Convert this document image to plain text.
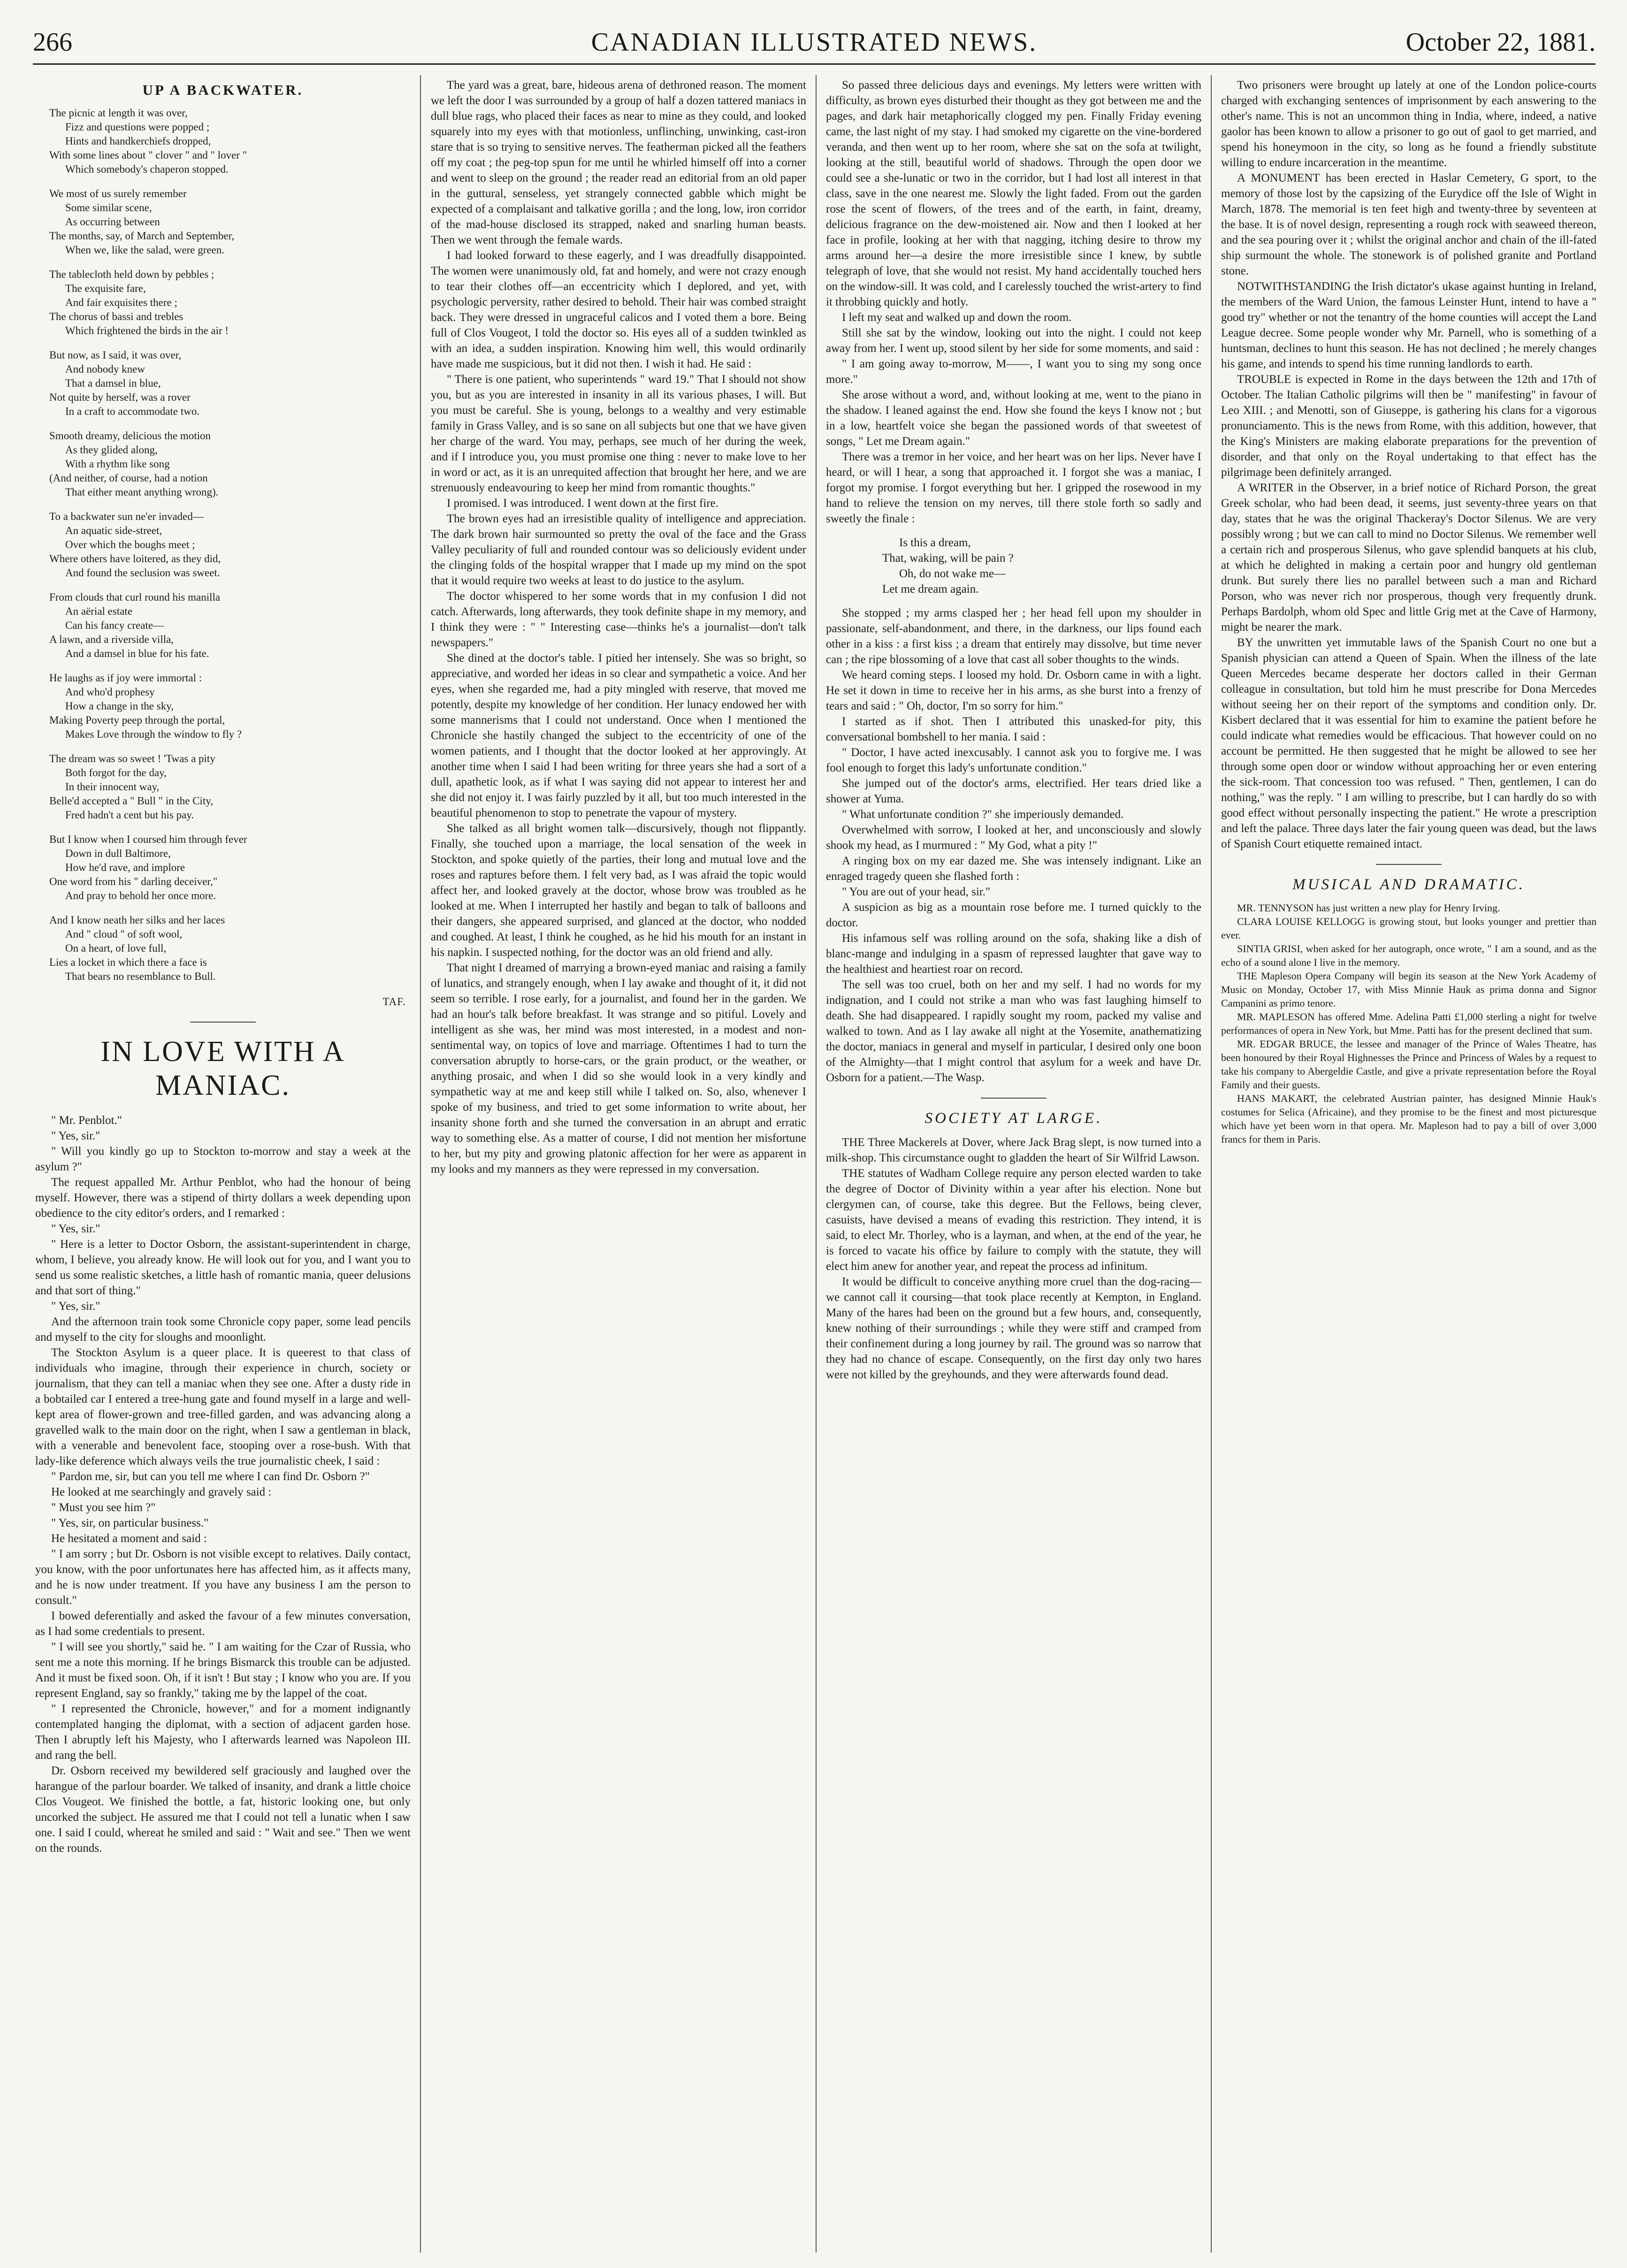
266	CANADIAN ILLUSTRATED NEWS.	October 22, 1881.
UP A BACKWATER.
The picnic at length it was over,
Fizz and questions were popped ;
Hints and handkerchiefs dropped,
With some lines about " clover " and " lover "
Which somebody's chaperon stopped.
We most of us surely remember
Some similar scene,
As occurring between
The months, say, of March and September,
When we, like the salad, were green.
The tablecloth held down by pebbles ;
The exquisite fare,
And fair exquisites there ;
The chorus of bassi and trebles
Which frightened the birds in the air !
But now, as I said, it was over,
And nobody knew
That a damsel in blue,
Not quite by herself, was a rover
In a craft to accommodate two.
Smooth dreamy, delicious the motion
As they glided along,
With a rhythm like song
(And neither, of course, had a notion
That either meant anything wrong).
To a backwater sun ne'er invaded—
An aquatic side-street,
Over which the boughs meet ;
Where others have loitered, as they did,
And found the seclusion was sweet.
From clouds that curl round his manilla
An aërial estate
Can his fancy create—
A lawn, and a riverside villa,
And a damsel in blue for his fate.
He laughs as if joy were immortal :
And who'd prophesy
How a change in the sky,
Making Poverty peep through the portal,
Makes Love through the window to fly ?
The dream was so sweet ! 'Twas a pity
Both forgot for the day,
In their innocent way,
Belle'd accepted a " Bull " in the City,
Fred hadn't a cent but his pay.
But I know when I coursed him through fever
Down in dull Baltimore,
How he'd rave, and implore
One word from his " darling deceiver,"
And pray to behold her once more.
And I know neath her silks and her laces
And " cloud " of soft wool,
On a heart, of love full,
Lies a locket in which there a face is
That bears no resemblance to Bull.
TAF.
IN LOVE WITH A MANIAC.

" Mr. Penblot."

" Yes, sir."

" Will you kindly go up to Stockton to-morrow and stay a week at the asylum ?"

The request appalled Mr. Arthur Penblot, who had the honour of being myself. However, there was a stipend of thirty dollars a week depending upon obedience to the city editor's orders, and I remarked :

" Yes, sir."

" Here is a letter to Doctor Osborn, the assistant-superintendent in charge, whom, I believe, you already know. He will look out for you, and I want you to send us some realistic sketches, a little hash of romantic mania, queer delusions and that sort of thing."

" Yes, sir."

And the afternoon train took some Chronicle copy paper, some lead pencils and myself to the city for sloughs and moonlight.

The Stockton Asylum is a queer place. It is queerest to that class of individuals who imagine, through their experience in church, society or journalism, that they can tell a maniac when they see one. After a dusty ride in a bobtailed car I entered a tree-hung gate and found myself in a large and well-kept area of flower-grown and tree-filled garden, and was advancing along a gravelled walk to the main door on the right, when I saw a gentleman in black, with a venerable and benevolent face, stooping over a rose-bush. With that lady-like deference which always veils the true journalistic cheek, I said :

" Pardon me, sir, but can you tell me where I can find Dr. Osborn ?"

He looked at me searchingly and gravely said :

" Must you see him ?"

" Yes, sir, on particular business."

He hesitated a moment and said :

" I am sorry ; but Dr. Osborn is not visible except to relatives. Daily contact, you know, with the poor unfortunates here has affected him, as it affects many, and he is now under treatment. If you have any business I am the person to consult."

I bowed deferentially and asked the favour of a few minutes conversation, as I had some credentials to present.

" I will see you shortly," said he. " I am waiting for the Czar of Russia, who sent me a note this morning. If he brings Bismarck this trouble can be adjusted. And it must be fixed soon. Oh, if it isn't ! But stay ; I know who you are. If you represent England, say so frankly," taking me by the lappel of the coat.

" I represented the Chronicle, however," and for a moment indignantly contemplated hanging the diplomat, with a section of adjacent garden hose. Then I abruptly left his Majesty, who I afterwards learned was Napoleon III. and rang the bell.

Dr. Osborn received my bewildered self graciously and laughed over the harangue of the parlour boarder. We talked of insanity, and drank a little choice Clos Vougeot. We finished the bottle, a fat, historic looking one, but only uncorked the subject. He assured me that I could not tell a lunatic when I saw one. I said I could, whereat he smiled and said : " Wait and see." Then we went on the rounds.

The yard was a great, bare, hideous arena of dethroned reason. The moment we left the door I was surrounded by a group of half a dozen tattered maniacs in dull blue rags, who placed their faces as near to mine as they could, and looked squarely into my eyes with that motionless, unflinching, unwinking, cast-iron stare that is so trying to sensitive nerves. The featherman picked all the feathers off my coat ; the peg-top spun for me until he whirled himself off into a corner and went to sleep on the ground ; the reader read an editorial from an old paper in the guttural, senseless, yet strangely connected gabble which might be expected of a complaisant and talkative gorilla ; and the long, low, iron corridor of the mad-house disclosed its strapped, naked and snarling human beasts. Then we went through the female wards.

I had looked forward to these eagerly, and I was dreadfully disappointed. The women were unanimously old, fat and homely, and were not crazy enough to tear their clothes off—an eccentricity which I deplored, and yet, with psychologic perversity, rather desired to behold. Their hair was combed straight back. They were dressed in ungraceful calicos and I voted them a bore. Being full of Clos Vougeot, I told the doctor so. His eyes all of a sudden twinkled as with an idea, a sudden inspiration. Knowing him well, this would ordinarily have made me suspicious, but it did not then. I wish it had. He said :

" There is one patient, who superintends " ward 19." That I should not show you, but as you are interested in insanity in all its various phases, I will. But you must be careful. She is young, belongs to a wealthy and very estimable family in Grass Valley, and is so sane on all subjects but one that we have given her charge of the ward. You may, perhaps, see much of her during the week, and if I introduce you, you must promise one thing : never to make love to her in word or act, as it is an unrequited affection that brought her here, and we are strenuously endeavouring to keep her mind from romantic thoughts."

I promised. I was introduced. I went down at the first fire.

The brown eyes had an irresistible quality of intelligence and appreciation. The dark brown hair surmounted so pretty the oval of the face and the Grass Valley peculiarity of full and rounded contour was so deliciously evident under the clinging folds of the hospital wrapper that I made up my mind on the spot that it would require two weeks at least to do justice to the asylum.

The doctor whispered to her some words that in my confusion I did not catch. Afterwards, long afterwards, they took definite shape in my memory, and I think they were : " " Interesting case—thinks he's a journalist—don't talk newspapers."

She dined at the doctor's table. I pitied her intensely. She was so bright, so appreciative, and worded her ideas in so clear and sympathetic a voice. And her eyes, when she regarded me, had a pity mingled with reserve, that moved me potently, despite my knowledge of her condition. Her lunacy endowed her with some mannerisms that I could not understand. Once when I mentioned the Chronicle she hastily changed the subject to the eccentricity of one of the women patients, and I thought that the doctor looked at her approvingly. At another time when I said I had been writing for three years she had a sort of a dull, apathetic look, as if what I was saying did not appear to interest her and she did not enjoy it. I was fairly puzzled by it all, but too much interested in the beautiful phenomenon to stop to penetrate the vapour of mystery.

She talked as all bright women talk—discursively, though not flippantly. Finally, she touched upon a marriage, the local sensation of the week in Stockton, and spoke quietly of the parties, their long and mutual love and the roses and raptures before them. I felt very bad, as I was afraid the topic would affect her, and looked gravely at the doctor, whose brow was troubled as he looked at me. When I interrupted her hastily and began to talk of balloons and their dangers, she appeared surprised, and glanced at the doctor, who nodded and coughed. At least, I think he coughed, as he hid his mouth for an instant in his napkin. I suspected nothing, for the doctor was an old friend and ally.

That night I dreamed of marrying a brown-eyed maniac and raising a family of lunatics, and strangely enough, when I lay awake and thought of it, it did not seem so terrible. I rose early, for a journalist, and found her in the garden. We had an hour's talk before breakfast. It was strange and so pitiful. Lovely and intelligent as she was, her mind was most interested, in a modest and non-sentimental way, on topics of love and marriage. Oftentimes I had to turn the conversation abruptly to horse-cars, or the grain product, or the weather, or anything prosaic, and when I did so she would look in a very kindly and sympathetic way at me and keep still while I talked on. So, also, whenever I spoke of my business, and tried to get some information to write about, her insanity shone forth and she turned the conversation in an abrupt and erratic way to something else. As a matter of course, I did not mention her misfortune to her, but my pity and growing platonic affection for her were as apparent in my looks and my manners as they were repressed in my conversation.

So passed three delicious days and evenings. My letters were written with difficulty, as brown eyes disturbed their thought as they got between me and the pages, and dark hair metaphorically clogged my pen. Finally Friday evening came, the last night of my stay. I had smoked my cigarette on the vine-bordered veranda, and then went up to her room, where she sat on the sofa at twilight, looking at the still, beautiful world of shadows. Through the open door we could see a she-lunatic or two in the corridor, but I had lost all interest in that class, save in the one nearest me. Slowly the light faded. From out the garden rose the scent of flowers, of the trees and of the earth, in faint, dreamy, delicious fragrance on the dew-moistened air. Now and then I looked at her face in profile, looking at her with that nagging, itching desire to throw my arms around her—a desire the more irresistible since I knew, by subtle telegraph of love, that she would not resist. My hand accidentally touched hers on the window-sill. It was cold, and I carelessly touched the wrist-artery to find it throbbing quickly and hotly.

I left my seat and walked up and down the room.

Still she sat by the window, looking out into the night. I could not keep away from her. I went up, stood silent by her side for some moments, and said :

" I am going away to-morrow, M——, I want you to sing my song once more."

She arose without a word, and, without looking at me, went to the piano in the shadow. I leaned against the end. How she found the keys I know not ; but in a low, heartfelt voice she began the passioned words of that sweetest of songs, " Let me Dream again."

There was a tremor in her voice, and her heart was on her lips. Never have I heard, or will I hear, a song that approached it. I forgot she was a maniac, I forgot my promise. I forgot everything but her. I gripped the rosewood in my hand to relieve the tension on my nerves, till there stole forth so sadly and sweetly the finale :

Is this a dream,
That, waking, will be pain ?
Oh, do not wake me—
Let me dream again.

She stopped ; my arms clasped her ; her head fell upon my shoulder in passionate, self-abandonment, and there, in the darkness, our lips found each other in a kiss : a first kiss ; a dream that entirely may dissolve, but time never can ; the ripe blossoming of a love that cast all sober thoughts to the winds.

We heard coming steps. I loosed my hold. Dr. Osborn came in with a light. He set it down in time to receive her in his arms, as she burst into a frenzy of tears and said : " Oh, doctor, I'm so sorry for him."

I started as if shot. Then I attributed this unasked-for pity, this conversational bombshell to her mania. I said :

" Doctor, I have acted inexcusably. I cannot ask you to forgive me. I was fool enough to forget this lady's unfortunate condition."

She jumped out of the doctor's arms, electrified. Her tears dried like a shower at Yuma.

" What unfortunate condition ?" she imperiously demanded.

Overwhelmed with sorrow, I looked at her, and unconsciously and slowly shook my head, as I murmured : " My God, what a pity !"

A ringing box on my ear dazed me. She was intensely indignant. Like an enraged tragedy queen she flashed forth :

" You are out of your head, sir."

A suspicion as big as a mountain rose before me. I turned quickly to the doctor.

His infamous self was rolling around on the sofa, shaking like a dish of blanc-mange and indulging in a spasm of repressed laughter that gave way to the healthiest and heartiest roar on record.

The sell was too cruel, both on her and my self. I had no words for my indignation, and I could not strike a man who was fast laughing himself to death. She had disappeared. I rapidly sought my room, packed my valise and walked to town. And as I lay awake all night at the Yosemite, anathematizing the doctor, maniacs in general and myself in particular, I desired only one boon of the Almighty—that I might control that asylum for a week and have Dr. Osborn for a patient.—The Wasp.

SOCIETY AT LARGE.

THE Three Mackerels at Dover, where Jack Brag slept, is now turned into a milk-shop. This circumstance ought to gladden the heart of Sir Wilfrid Lawson.

THE statutes of Wadham College require any person elected warden to take the degree of Doctor of Divinity within a year after his election. None but clergymen can, of course, take this degree. But the Fellows, being clever, casuists, have devised a means of evading this restriction. They intend, it is said, to elect Mr. Thorley, who is a layman, and when, at the end of the year, he is forced to vacate his office by failure to comply with the statute, they will elect him anew for another year, and repeat the process ad infinitum.

It would be difficult to conceive anything more cruel than the dog-racing—we cannot call it coursing—that took place recently at Kempton, in England. Many of the hares had been on the ground but a few hours, and, consequently, knew nothing of their surroundings ; while they were stiff and cramped from their confinement during a long journey by rail. The ground was so narrow that they had no chance of escape. Consequently, on the first day only two hares were not killed by the greyhounds, and they were afterwards found dead.

Two prisoners were brought up lately at one of the London police-courts charged with exchanging sentences of imprisonment by each answering to the other's name. This is not an uncommon thing in India, where, indeed, a native gaolor has been known to allow a prisoner to go out of gaol to get married, and spend his honeymoon in the city, so long as he found a friendly substitute willing to endure incarceration in the meantime.

A MONUMENT has been erected in Haslar Cemetery, G sport, to the memory of those lost by the capsizing of the Eurydice off the Isle of Wight in March, 1878. The memorial is ten feet high and twenty-three by seventeen at the base. It is of novel design, representing a rough rock with seaweed thereon, and the sea pouring over it ; whilst the original anchor and chain of the ill-fated ship surmount the whole. The stonework is of polished granite and Portland stone.

NOTWITHSTANDING the Irish dictator's ukase against hunting in Ireland, the members of the Ward Union, the famous Leinster Hunt, intend to have a " good try" whether or not the tenantry of the home counties will accept the Land League decree. Some people wonder why Mr. Parnell, who is something of a huntsman, declines to hunt this season. He has not declined ; he merely changes his game, and intends to spend his time running landlords to earth.

TROUBLE is expected in Rome in the days between the 12th and 17th of October. The Italian Catholic pilgrims will then be " manifesting" in favour of Leo XIII. ; and Menotti, son of Giuseppe, is gathering his clans for a vigorous pronunciamento. This is the news from Rome, with this addition, however, that the King's Ministers are making elaborate preparations for the prevention of disorder, and that only on the Royal undertaking to that effect has the pilgrimage been definitely arranged.

A WRITER in the Observer, in a brief notice of Richard Porson, the great Greek scholar, who had been dead, it seems, just seventy-three years on that day, states that he was the original Thackeray's Doctor Silenus. We are very possibly wrong ; but we can call to mind no Doctor Silenus. We remember well a certain rich and prosperous Silenus, who gave splendid banquets at his club, at which he delighted in making a certain poor and hungry old gentleman drunk. But surely there lies no parallel between such a man and Richard Porson, who was never rich nor prosperous, though very frequently drunk. Perhaps Bardolph, whom old Spec and little Grig met at the Cave of Harmony, might be nearer the mark.

BY the unwritten yet immutable laws of the Spanish Court no one but a Spanish physician can attend a Queen of Spain. When the illness of the late Queen Mercedes became desperate her doctors called in their German colleague in consultation, but told him he must prescribe for Dona Mercedes without seeing her on their report of the symptoms and condition only. Dr. Kisbert declared that it was essential for him to examine the patient before he could indicate what remedies would be efficacious. That however could on no account be permitted. He then suggested that he might be allowed to see her through some open door or window without approaching her or even entering the sick-room. That concession too was refused. " Then, gentlemen, I can do nothing," was the reply. " I am willing to prescribe, but I can hardly do so with good effect without personally inspecting the patient." He wrote a prescription and left the palace. Three days later the fair young queen was dead, but the laws of Spanish Court etiquette remained intact.

MUSICAL AND DRAMATIC.

MR. TENNYSON has just written a new play for Henry Irving.

CLARA LOUISE KELLOGG is growing stout, but looks younger and prettier than ever.

SINTIA GRISI, when asked for her autograph, once wrote, " I am a sound, and as the echo of a sound alone I live in the memory.

THE Mapleson Opera Company will begin its season at the New York Academy of Music on Monday, October 17, with Miss Minnie Hauk as prima donna and Signor Campanini as primo tenore.

MR. MAPLESON has offered Mme. Adelina Patti £1,000 sterling a night for twelve performances of opera in New York, but Mme. Patti has for the present declined that sum.

MR. EDGAR BRUCE, the lessee and manager of the Prince of Wales Theatre, has been honoured by their Royal Highnesses the Prince and Princess of Wales by a request to take his company to Abergeldie Castle, and give a private representation before the Royal Family and their guests.

HANS MAKART, the celebrated Austrian painter, has designed Minnie Hauk's costumes for Selica (Africaine), and they promise to be the finest and most picturesque which have yet been worn in that opera. Mr. Mapleson had to pay a bill of over 3,000 francs for them in Paris.
